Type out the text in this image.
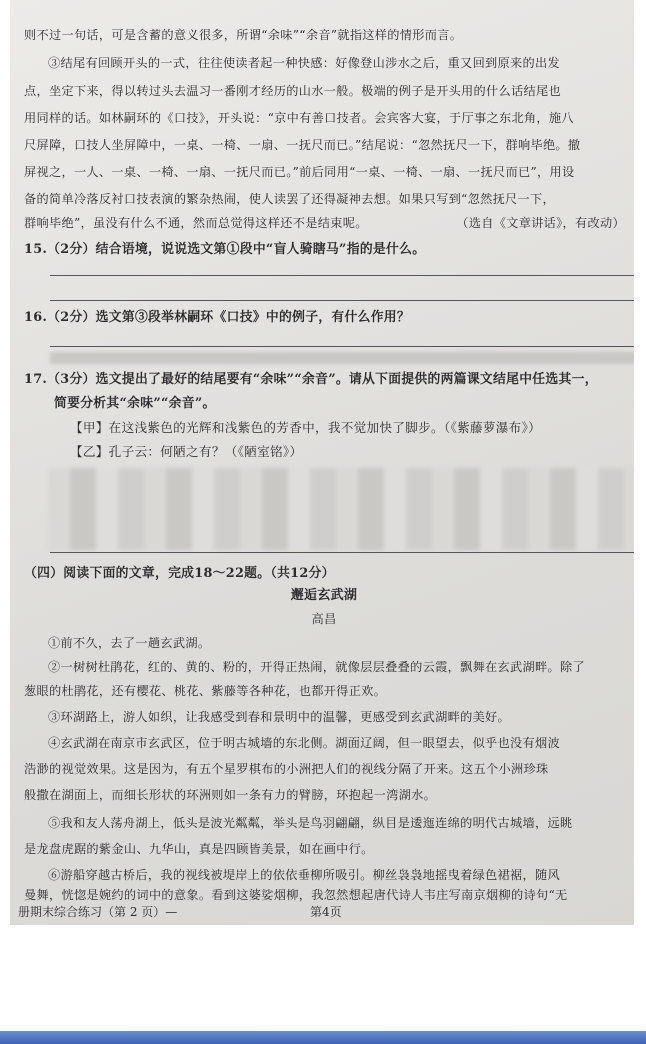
则不过一句话，可是含蓄的意义很多，所谓“余味”“余音”就指这样的情形而言。
③结尾有回顾开头的一式，往往使读者起一种快感：好像登山涉水之后，重又回到原来的出发
点，坐定下来，得以转过头去温习一番刚才经历的山水一般。极端的例子是开头用的什么话结尾也
用同样的话。如林嗣环的《口技》，开头说：“京中有善口技者。会宾客大宴，于厅事之东北角，施八
尺屏障，口技人坐屏障中，一桌、一椅、一扇、一抚尺而已。”结尾说：“忽然抚尺一下，群响毕绝。撤
屏视之，一人、一桌、一椅、一扇、一抚尺而已。”前后同用“一桌、一椅、一扇、一抚尺而已”，用设
备的简单冷落反衬口技表演的繁杂热闹，使人读罢了还得凝神去想。如果只写到“忽然抚尺一下，
群响毕绝”，虽没有什么不通，然而总觉得这样还不是结束呢。	（选自《文章讲话》，有改动）
15.（2分）结合语境，说说选文第①段中“盲人骑瞎马”指的是什么。
16.（2分）选文第③段举林嗣环《口技》中的例子，有什么作用？
17.（3分）选文提出了最好的结尾要有“余味”“余音”。请从下面提供的两篇课文结尾中任选其一，
简要分析其“余味”“余音”。
【甲】在这浅紫色的光辉和浅紫色的芳香中，我不觉加快了脚步。（《紫藤萝瀑布》）
【乙】孔子云：何陋之有？（《陋室铭》）
（四）阅读下面的文章，完成18～22题。（共12分）
邂逅玄武湖
高昌
①前不久，去了一趟玄武湖。
②一树树杜鹃花，红的、黄的、粉的，开得正热闹，就像层层叠叠的云霞，飘舞在玄武湖畔。除了
葱眼的杜鹃花，还有樱花、桃花、紫藤等各种花，也都开得正欢。
③环湖路上，游人如织，让我感受到春和景明中的温馨，更感受到玄武湖畔的美好。
④玄武湖在南京市玄武区，位于明古城墙的东北侧。湖面辽阔，但一眼望去，似乎也没有烟波
浩渺的视觉效果。这是因为，有五个星罗棋布的小洲把人们的视线分隔了开来。这五个小洲珍珠
般撒在湖面上，而细长形状的环洲则如一条有力的臂膀，环抱起一湾湖水。
⑤我和友人荡舟湖上，低头是波光粼粼，举头是鸟羽翩翩，纵目是逶迤连绵的明代古城墙，远眺
是龙盘虎踞的紫金山、九华山，真是四顾皆美景，如在画中行。
⑥游船穿越古桥后，我的视线被堤岸上的依依垂柳所吸引。柳丝袅袅地摇曳着绿色裙裾，随风
曼舞，恍惚是婉约的词中的意象。看到这婆娑烟柳，我忽然想起唐代诗人韦庄写南京烟柳的诗句“无
册期末综合练习（第 2 页）—	第4页
